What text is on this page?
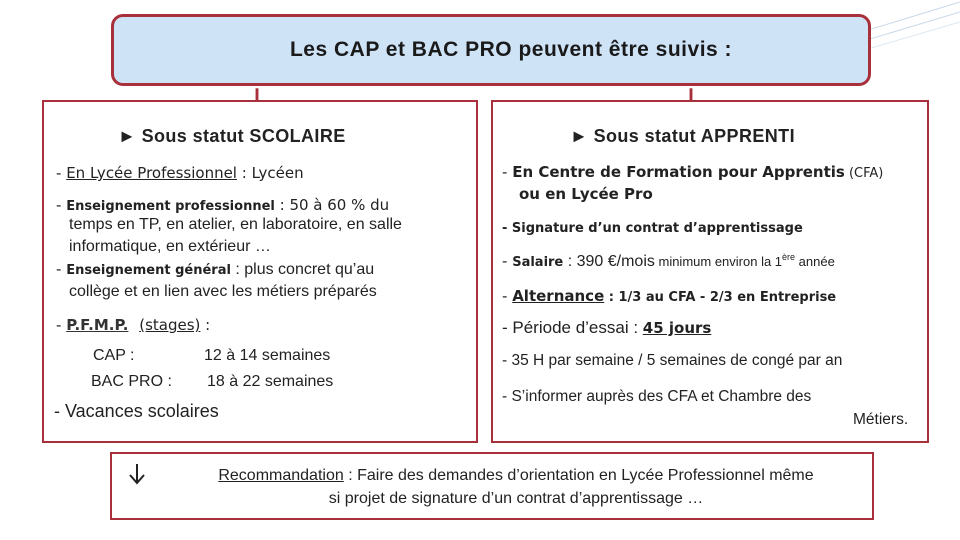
Les CAP et BAC PRO peuvent être suivis :
► Sous statut SCOLAIRE
- En Lycée Professionnel : Lycéen
- Enseignement professionnel : 50 à 60 % du
temps en TP, en atelier, en laboratoire, en salle
informatique, en extérieur …
- Enseignement général : plus concret qu’au
collège et en lien avec les métiers préparés
- P.F.M.P. (stages) :
CAP :	12 à 14 semaines
BAC PRO : 18 à 22 semaines
- Vacances scolaires
► Sous statut APPRENTI
- En Centre de Formation pour Apprentis (CFA)
ou en Lycée Pro
- Signature d’un contrat d’apprentissage
- Salaire : 390 €/mois minimum environ la 1ère année
- Alternance : 1/3 au CFA - 2/3 en Entreprise
- Période d’essai : 45 jours
- 35 H par semaine / 5 semaines de congé par an
- S’informer auprès des CFA et Chambre des
Métiers.
Recommandation : Faire des demandes d’orientation en Lycée Professionnel même
si projet de signature d’un contrat d’apprentissage …
